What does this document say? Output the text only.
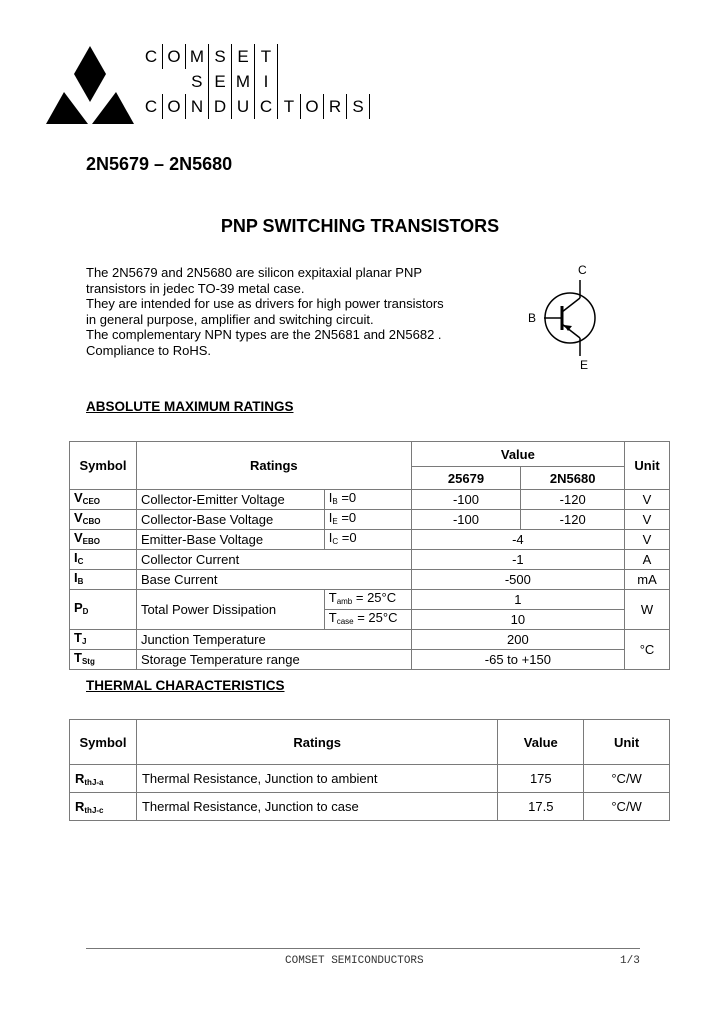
C	O	M	S	E	T				
		S	E	M	I				
C	O	N	D	U	C	T	O	R	S
2N5679 – 2N5680
PNP SWITCHING TRANSISTORS
The 2N5679 and 2N5680 are silicon expitaxial planar PNP
transistors in jedec TO-39 metal case.
They are intended for use as drivers for high power transistors
in general purpose, amplifier and switching circuit.
The complementary NPN types are the 2N5681 and 2N5682 .
Compliance to RoHS.
C
B
E
ABSOLUTE MAXIMUM RATINGS
Symbol	Ratings		Value		Unit
			25679	2N5680	
$V_{CEO}$	Collector-Emitter Voltage	$I_B =0$	-100	-120	V
$V_{CBO}$	Collector-Base Voltage	$I_E =0$	-100	-120	V
$V_{EBO}$	Emitter-Base Voltage	$I_C =0$	-4		V
$I_C$	Collector Current		-1		A
$I_B$	Base Current		-500		mA
$P_D$	Total Power Dissipation	$T_{amb} = 25^\circ C$	1		W
		$T_{case} = 25^\circ C$	10		
$T_J$	Junction Temperature		200		°C
$T_{Stg}$	Storage Temperature range		-65 to +150		
THERMAL CHARACTERISTICS
Symbol	Ratings	Value	Unit
$R_{thJ-a}$	Thermal Resistance, Junction to ambient	175	°C/W
$R_{thJ-c}$	Thermal Resistance, Junction to case	17.5	°C/W
COMSET SEMICONDUCTORS	1/3
